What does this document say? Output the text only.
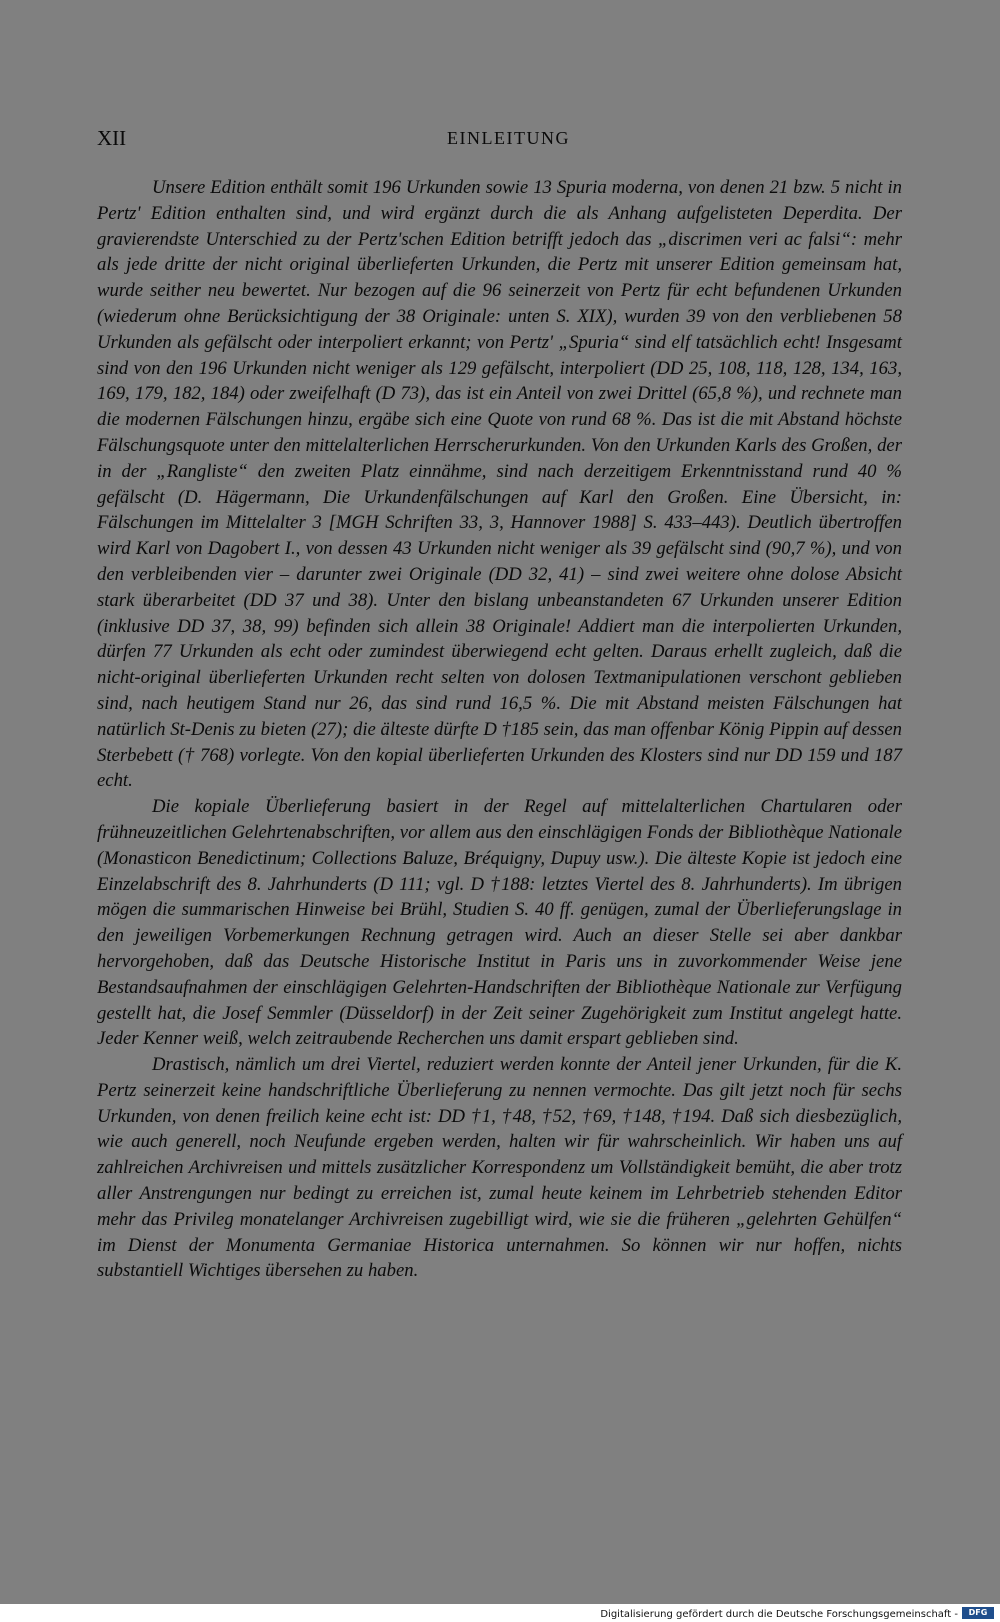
XII	EINLEITUNG

Unsere Edition enthält somit 196 Urkunden sowie 13 Spuria moderna, von denen 21 bzw. 5 nicht in Pertz' Edition enthalten sind, und wird ergänzt durch die als Anhang aufgelisteten Deperdita. Der gravierendste Unterschied zu der Pertz'schen Edition betrifft jedoch das „discrimen veri ac falsi“: mehr als jede dritte der nicht original überlieferten Urkunden, die Pertz mit unserer Edition gemeinsam hat, wurde seither neu bewertet. Nur bezogen auf die 96 seinerzeit von Pertz für echt befundenen Urkunden (wiederum ohne Berücksichtigung der 38 Originale: unten S. XIX), wurden 39 von den verbliebenen 58 Urkunden als gefälscht oder interpoliert erkannt; von Pertz' „Spuria“ sind elf tatsächlich echt! Insgesamt sind von den 196 Urkunden nicht weniger als 129 gefälscht, interpoliert (DD 25, 108, 118, 128, 134, 163, 169, 179, 182, 184) oder zweifelhaft (D 73), das ist ein Anteil von zwei Drittel (65,8 %), und rechnete man die modernen Fälschungen hinzu, ergäbe sich eine Quote von rund 68 %. Das ist die mit Abstand höchste Fälschungsquote unter den mittelalterlichen Herrscherurkunden. Von den Urkunden Karls des Großen, der in der „Rangliste“ den zweiten Platz einnähme, sind nach derzeitigem Erkenntnisstand rund 40 % gefälscht (D. Hägermann, Die Urkundenfälschungen auf Karl den Großen. Eine Übersicht, in: Fälschungen im Mittelalter 3 [MGH Schriften 33, 3, Hannover 1988] S. 433–443). Deutlich übertroffen wird Karl von Dagobert I., von dessen 43 Urkunden nicht weniger als 39 gefälscht sind (90,7 %), und von den verbleibenden vier – darunter zwei Originale (DD 32, 41) – sind zwei weitere ohne dolose Absicht stark überarbeitet (DD 37 und 38). Unter den bislang unbeanstandeten 67 Urkunden unserer Edition (inklusive DD 37, 38, 99) befinden sich allein 38 Originale! Addiert man die interpolierten Urkunden, dürfen 77 Urkunden als echt oder zumindest überwiegend echt gelten. Daraus erhellt zugleich, daß die nicht-original überlieferten Urkunden recht selten von dolosen Textmanipulationen verschont geblieben sind, nach heutigem Stand nur 26, das sind rund 16,5 %. Die mit Abstand meisten Fälschungen hat natürlich St-Denis zu bieten (27); die älteste dürfte D †185 sein, das man offenbar König Pippin auf dessen Sterbebett († 768) vorlegte. Von den kopial überlieferten Urkunden des Klosters sind nur DD 159 und 187 echt.

Die kopiale Überlieferung basiert in der Regel auf mittelalterlichen Chartularen oder frühneuzeitlichen Gelehrtenabschriften, vor allem aus den einschlägigen Fonds der Bibliothèque Nationale (Monasticon Benedictinum; Collections Baluze, Bréquigny, Dupuy usw.). Die älteste Kopie ist jedoch eine Einzelabschrift des 8. Jahrhunderts (D 111; vgl. D †188: letztes Viertel des 8. Jahrhunderts). Im übrigen mögen die summarischen Hinweise bei Brühl, Studien S. 40 ff. genügen, zumal der Überlieferungslage in den jeweiligen Vorbemerkungen Rechnung getragen wird. Auch an dieser Stelle sei aber dankbar hervorgehoben, daß das Deutsche Historische Institut in Paris uns in zuvorkommender Weise jene Bestandsaufnahmen der einschlägigen Gelehrten-Handschriften der Bibliothèque Nationale zur Verfügung gestellt hat, die Josef Semmler (Düsseldorf) in der Zeit seiner Zugehörigkeit zum Institut angelegt hatte. Jeder Kenner weiß, welch zeitraubende Recherchen uns damit erspart geblieben sind.

Drastisch, nämlich um drei Viertel, reduziert werden konnte der Anteil jener Urkunden, für die K. Pertz seinerzeit keine handschriftliche Überlieferung zu nennen vermochte. Das gilt jetzt noch für sechs Urkunden, von denen freilich keine echt ist: DD †1, †48, †52, †69, †148, †194. Daß sich diesbezüglich, wie auch generell, noch Neufunde ergeben werden, halten wir für wahrscheinlich. Wir haben uns auf zahlreichen Archivreisen und mittels zusätzlicher Korrespondenz um Vollständigkeit bemüht, die aber trotz aller Anstrengungen nur bedingt zu erreichen ist, zumal heute keinem im Lehrbetrieb stehenden Editor mehr das Privileg monatelanger Archivreisen zugebilligt wird, wie sie die früheren „gelehrten Gehülfen“ im Dienst der Monumenta Germaniae Historica unternahmen. So können wir nur hoffen, nichts substantiell Wichtiges übersehen zu haben.

Digitalisierung gefördert durch die Deutsche Forschungsgemeinschaft -	DFG
